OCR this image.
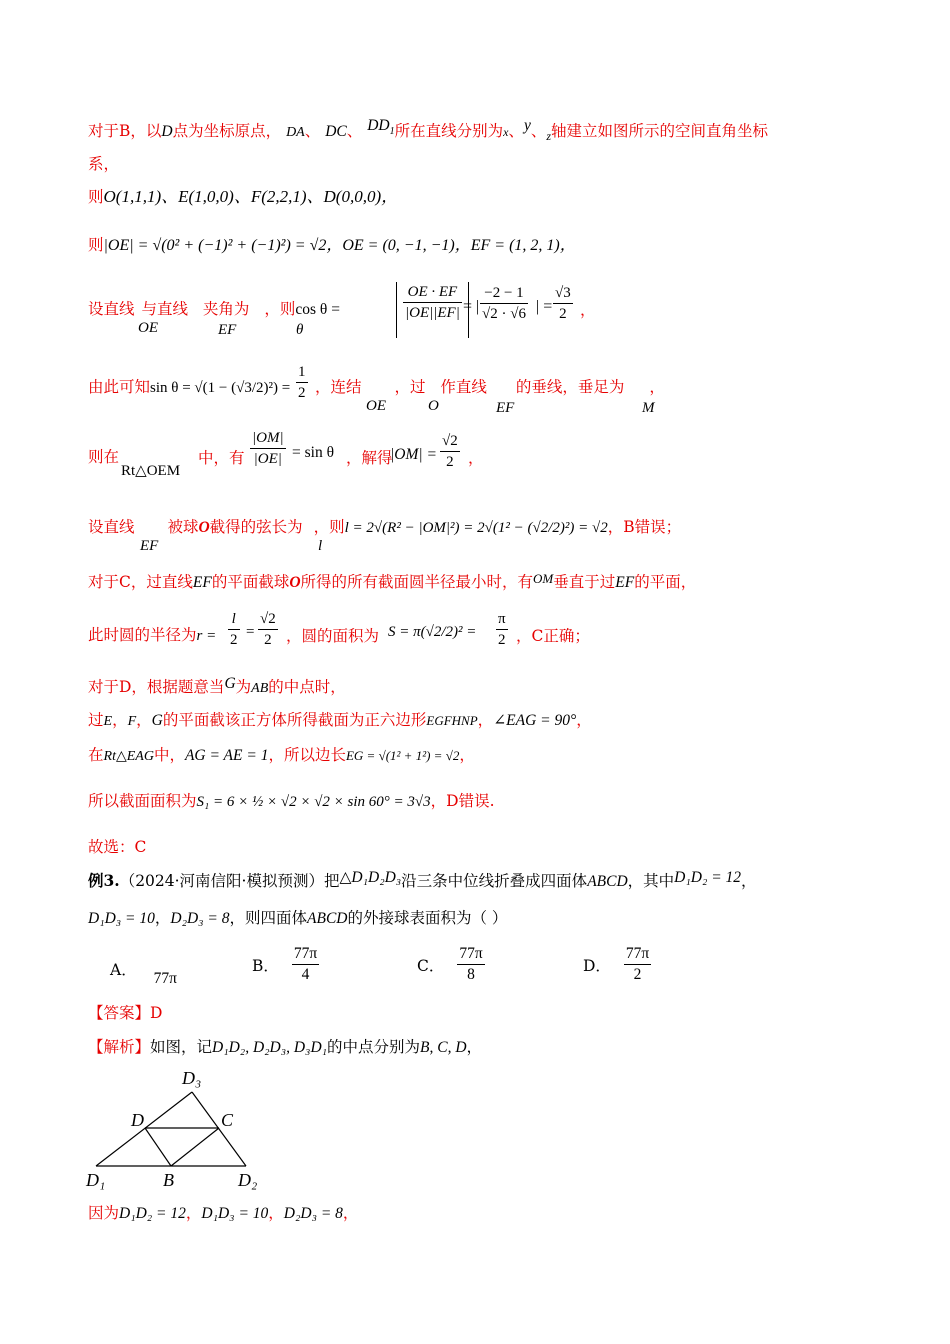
对于B，以D点为坐标原点， DA、 DC、 $DD_1$所在直线分别为x、y、$_z$轴建立如图所示的空间直角坐标
系，
则O(1,1,1)、E(1,0,0)、F(2,2,1)、D(0,0,0)，
则|OE| = √(0² + (−1)² + (−1)²) = √2，OE = (0, −1, −1)，EF = (1, 2, 1)，
设直线 与直线 夹角为 ，则cos θ =
OE	EF	θ
$\frac{OE \cdot EF}{|OE||EF|}$ = | $\frac{-2 - 1}{√2 \cdot √6}$ | = $\frac{√3}{2}$ ，
由此可知$\sin \theta = √(1 - (√3/2)^2) = \frac{1}{2}$ ，连结 ，过 作直线 的垂线，垂足为 ，
OE	O	EF	M
则在
Rt△OEM
中，有 $\frac{|OM|}{|OE|} = \sin \theta$ ，解得
$|OM| = \frac{√2}{2}$ ，
设直线 被球O截得的弦长为 ，则l = 2√(R² − |OM|²) = 2√(1² − (√2/2)²) = √2，B错误；
EF	l
对于C，过直线EF的平面截球O所得的所有截面圆半径最小时，有$^{OM}$垂直于过EF的平面，
此时圆的半径为$r = \frac{l}{2} = \frac{√2}{2}$ ，圆的面积为 $S = \pi(√2/2)^2 = \frac{\pi}{2}$ ，C正确；
对于D，根据题意当G为AB的中点时，
过E，F，G的平面截该正方体所得截面为正六边形EGFHNP，∠EAG = 90°，
在Rt△EAG中，AG = AE = 1，所以边长EG = √(1² + 1²) = √2，
所以截面面积为S₁ = 6 × ½ × √2 × √2 × sin 60° = 3√3，D错误.
故选：C
例3.（2024·河南信阳·模拟预测）把△D₁D₂D₃沿三条中位线折叠成四面体ABCD，其中D₁D₂ = 12，
D₁D₃ = 10，D₂D₃ = 8，则四面体ABCD的外接球表面积为（ ）
A． 77π
B． $\frac{77\pi}{4}$	C． $\frac{77\pi}{8}$	D． $\frac{77\pi}{2}$
【答案】D
【解析】如图，记D₁D₂, D₂D₃, D₃D₁的中点分别为B, C, D，
D₃
D	C
D₁	B	D₂
因为D₁D₂ = 12，D₁D₃ = 10，D₂D₃ = 8，
